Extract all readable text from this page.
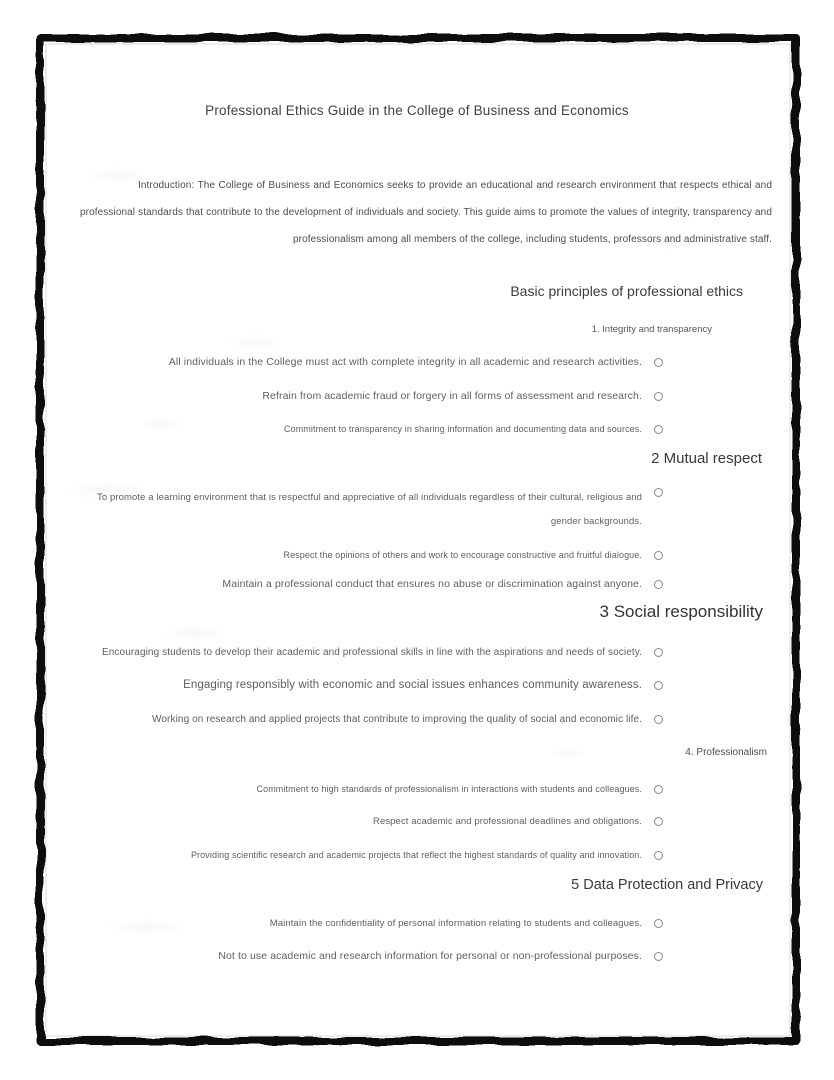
Professional Ethics Guide in the College of Business and Economics

Introduction: The College of Business and Economics seeks to provide an educational and research environment that respects ethical and professional standards that contribute to the development of individuals and society. This guide aims to promote the values of integrity, transparency and professionalism among all members of the college, including students, professors and administrative staff.

Basic principles of professional ethics
1. Integrity and transparency
All individuals in the College must act with complete integrity in all academic and research activities.
Refrain from academic fraud or forgery in all forms of assessment and research.
Commitment to transparency in sharing information and documenting data and sources.
2 Mutual respect
To promote a learning environment that is respectful and appreciative of all individuals regardless of their cultural, religious and gender backgrounds.
Respect the opinions of others and work to encourage constructive and fruitful dialogue.
Maintain a professional conduct that ensures no abuse or discrimination against anyone.
3 Social responsibility
Encouraging students to develop their academic and professional skills in line with the aspirations and needs of society.
Engaging responsibly with economic and social issues enhances community awareness.
Working on research and applied projects that contribute to improving the quality of social and economic life.
4. Professionalism
Commitment to high standards of professionalism in interactions with students and colleagues.
Respect academic and professional deadlines and obligations.
Providing scientific research and academic projects that reflect the highest standards of quality and innovation.
5 Data Protection and Privacy
Maintain the confidentiality of personal information relating to students and colleagues.
Not to use academic and research information for personal or non-professional purposes.
